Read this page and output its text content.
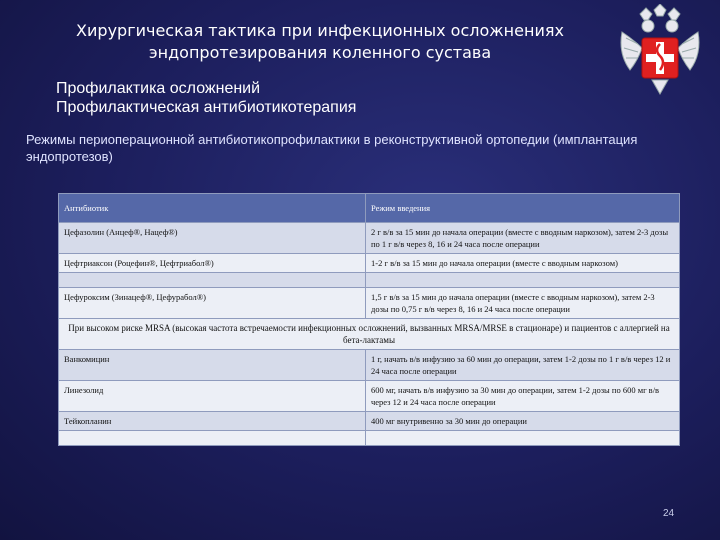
Хирургическая тактика при инфекционных осложнениях эндопротезирования коленного сустава
Профилактика осложнений
Профилактическая антибиотикотерапия
Режимы периоперационной антибиотикопрофилактики в реконструктивной ортопедии (имплантация эндопротезов)
Антибиотик	Режим введения
Цефазолин (Анцеф®, Нацеф®)	2 г в/в за 15 мин до начала операции (вместе с вводным наркозом), затем 2-3 дозы по 1 г в/в через 8, 16 и 24 часа после операции
Цефтриаксон (Роцефин®, Цефтриабол®)	1-2 г в/в за 15 мин до начала операции (вместе с вводным наркозом)

Цефуроксим (Зинацеф®, Цефурабол®)	1,5 г в/в за 15 мин до начала операции (вместе с вводным наркозом), затем 2-3 дозы по 0,75 г в/в через 8, 16 и 24 часа после операции
При высоком риске MRSA (высокая частота встречаемости инфекционных осложнений, вызванных MRSA/MRSE в стационаре) и пациентов с аллергией на бета-лактамы	
Ванкомицин	1 г, начать в/в инфузию за 60 мин до операции, затем 1-2 дозы по 1 г в/в через 12 и 24 часа после операции
Линезолид	600 мг, начать в/в инфузию за 30 мин до операции, затем 1-2 дозы по 600 мг в/в через 12 и 24 часа после операции
Тейкопланин	400 мг внутривенно за 30 мин до операции

24
